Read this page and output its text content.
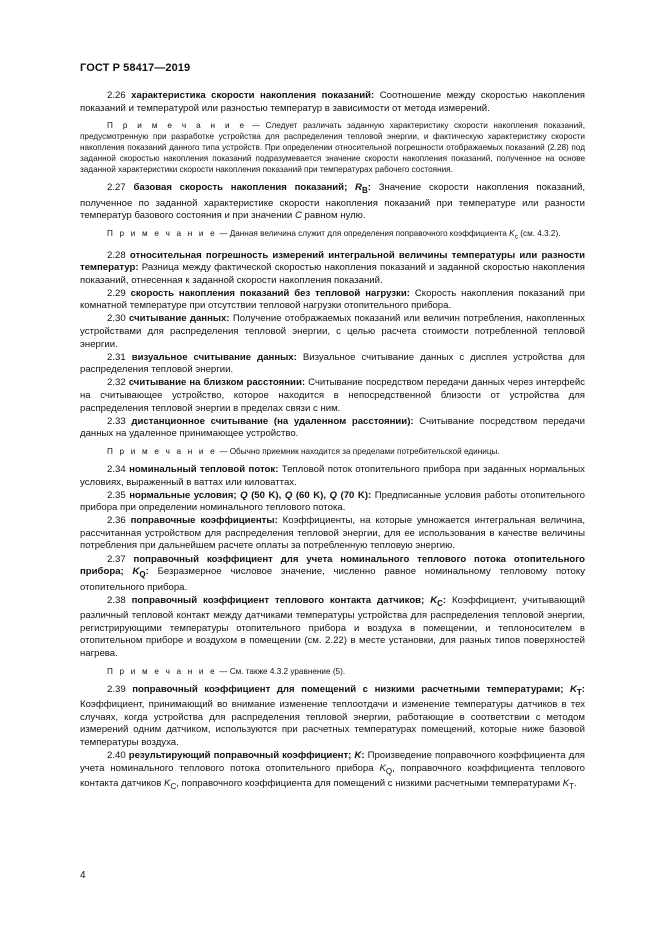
ГОСТ Р 58417—2019

2.26 характеристика скорости накопления показаний: Соотношение между скоростью накопления показаний и температурой или разностью температур в зависимости от метода измерений.

П р и м е ч а н и е — Следует различать заданную характеристику скорости накопления показаний, предусмотренную при разработке устройства для распределения тепловой энергии, и фактическую характеристику скорости накопления показаний данного типа устройств. При определении относительной погрешности отображаемых показаний (2.28) под заданной скоростью накопления показаний подразумевается значение скорости накопления показаний, полученное на основе заданной характеристики скорости накопления показаний при температурах рабочего состояния.

2.27 базовая скорость накопления показаний; $R_B$: Значение скорости накопления показаний, полученное по заданной характеристике скорости накопления показаний при температуре или разности температур базового состояния и при значении С равном нулю.

П р и м е ч а н и е — Данная величина служит для определения поправочного коэффициента $K_c$ (см. 4.3.2).

2.28 относительная погрешность измерений интегральной величины температуры или разности температур: Разница между фактической скоростью накопления показаний и заданной скоростью накопления показаний, отнесенная к заданной скорости накопления показаний.

2.29 скорость накопления показаний без тепловой нагрузки: Скорость накопления показаний при комнатной температуре при отсутствии тепловой нагрузки отопительного прибора.

2.30 считывание данных: Получение отображаемых показаний или величин потребления, накопленных устройствами для распределения тепловой энергии, с целью расчета стоимости потребленной тепловой энергии.

2.31 визуальное считывание данных: Визуальное считывание данных с дисплея устройства для распределения тепловой энергии.

2.32 считывание на близком расстоянии: Считывание посредством передачи данных через интерфейс на считывающее устройство, которое находится в непосредственной близости от устройства для распределения тепловой энергии в пределах связи с ним.

2.33 дистанционное считывание (на удаленном расстоянии): Считывание посредством передачи данных на удаленное принимающее устройство.

П р и м е ч а н и е — Обычно приемник находится за пределами потребительской единицы.

2.34 номинальный тепловой поток: Тепловой поток отопительного прибора при заданных нормальных условиях, выраженный в ваттах или киловаттах.

2.35 нормальные условия; Q (50 K), Q (60 K), Q (70 K): Предписанные условия работы отопительного прибора при определении номинального теплового потока.

2.36 поправочные коэффициенты: Коэффициенты, на которые умножается интегральная величина, рассчитанная устройством для распределения тепловой энергии, для ее использования в качестве величины потребления при дальнейшем расчете оплаты за потребленную тепловую энергию.

2.37 поправочный коэффициент для учета номинального теплового потока отопительного прибора; $K_Q$: Безразмерное числовое значение, численно равное номинальному тепловому потоку отопительного прибора.

2.38 поправочный коэффициент теплового контакта датчиков; $K_C$: Коэффициент, учитывающий различный тепловой контакт между датчиками температуры устройства для распределения тепловой энергии, регистрирующими температуры отопительного прибора и воздуха в помещении, и теплоносителем в отопительном приборе и воздухом в помещении (см. 2.22) в месте установки, для разных типов поверхностей нагрева.

П р и м е ч а н и е — См. также 4.3.2 уравнение (5).

2.39 поправочный коэффициент для помещений с низкими расчетными температурами; $K_T$: Коэффициент, принимающий во внимание изменение теплоотдачи и изменение температуры датчиков в тех случаях, когда устройства для распределения тепловой энергии, работающие в соответствии с методом измерений одним датчиком, используются при расчетных температурах помещений, которые ниже базовой температуры воздуха.

2.40 результирующий поправочный коэффициент; K: Произведение поправочного коэффициента для учета номинального теплового потока отопительного прибора $K_Q$, поправочного коэффициента теплового контакта датчиков $K_C$, поправочного коэффициента для помещений с низкими расчетными температурами $K_T$.

4
